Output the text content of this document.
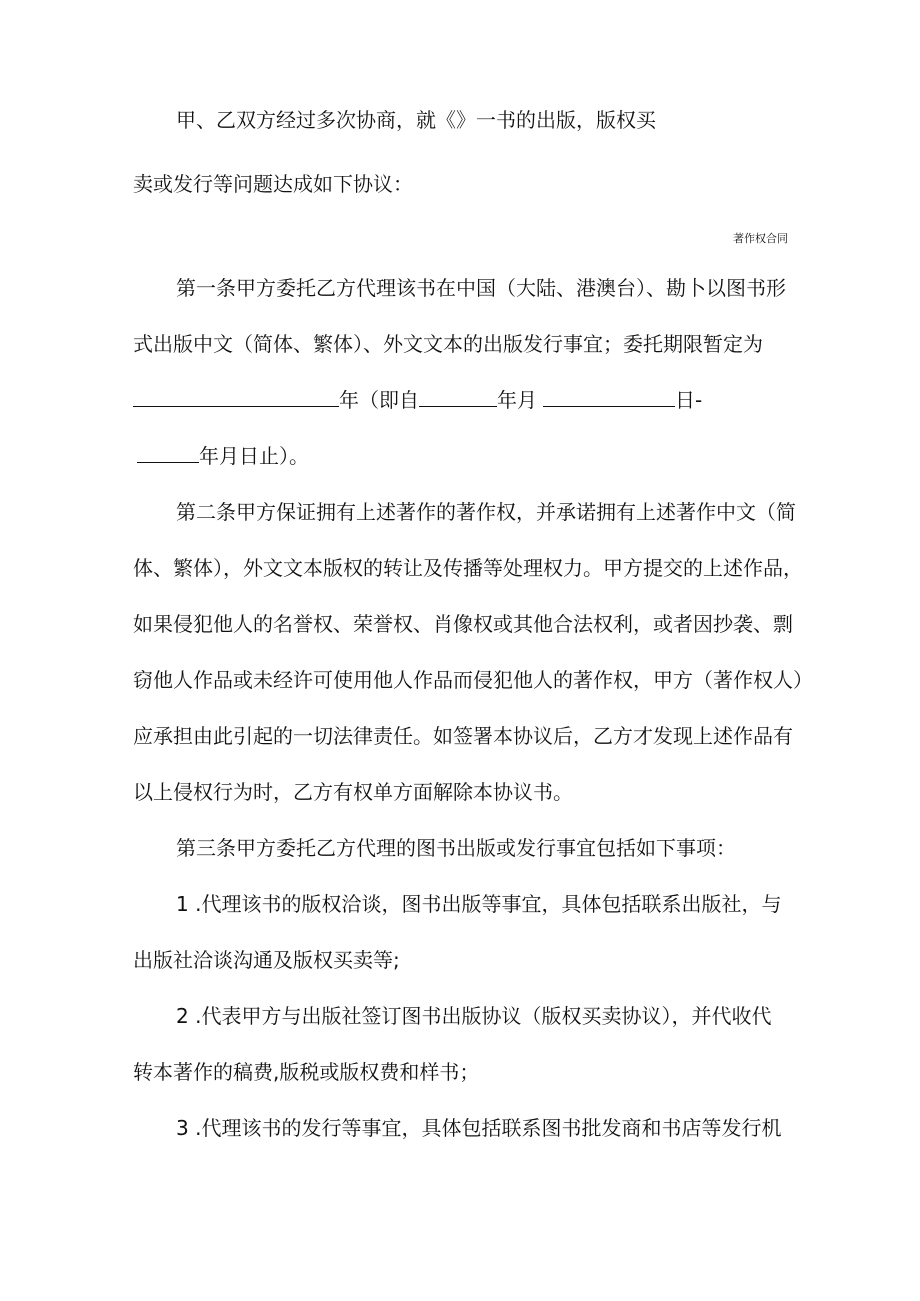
甲、乙双方经过多次协商，就《》一书的出版，版权买
卖或发行等问题达成如下协议：
著作权合同
第一条甲方委托乙方代理该书在中国（大陆、港澳台）、勘卜以图书形
式出版中文（简体、繁体）、外文文本的出版发行事宜；委托期限暂定为
年（即自	年月	日-
年月日止）。
第二条甲方保证拥有上述著作的著作权，并承诺拥有上述著作中文（简
体、繁体），外文文本版权的转让及传播等处理权力。甲方提交的上述作品，
如果侵犯他人的名誉权、荣誉权、肖像权或其他合法权利，或者因抄袭、剽
窃他人作品或未经许可使用他人作品而侵犯他人的著作权，甲方（著作权人）
应承担由此引起的一切法律责任。如签署本协议后，乙方才发现上述作品有
以上侵权行为时，乙方有权单方面解除本协议书。
第三条甲方委托乙方代理的图书出版或发行事宜包括如下事项：
1 .代理该书的版权洽谈，图书出版等事宜，具体包括联系出版社，与
出版社洽谈沟通及版权买卖等;
2 .代表甲方与出版社签订图书出版协议（版权买卖协议），并代收代
转本著作的稿费,版税或版权费和样书；
3 .代理该书的发行等事宜，具体包括联系图书批发商和书店等发行机
